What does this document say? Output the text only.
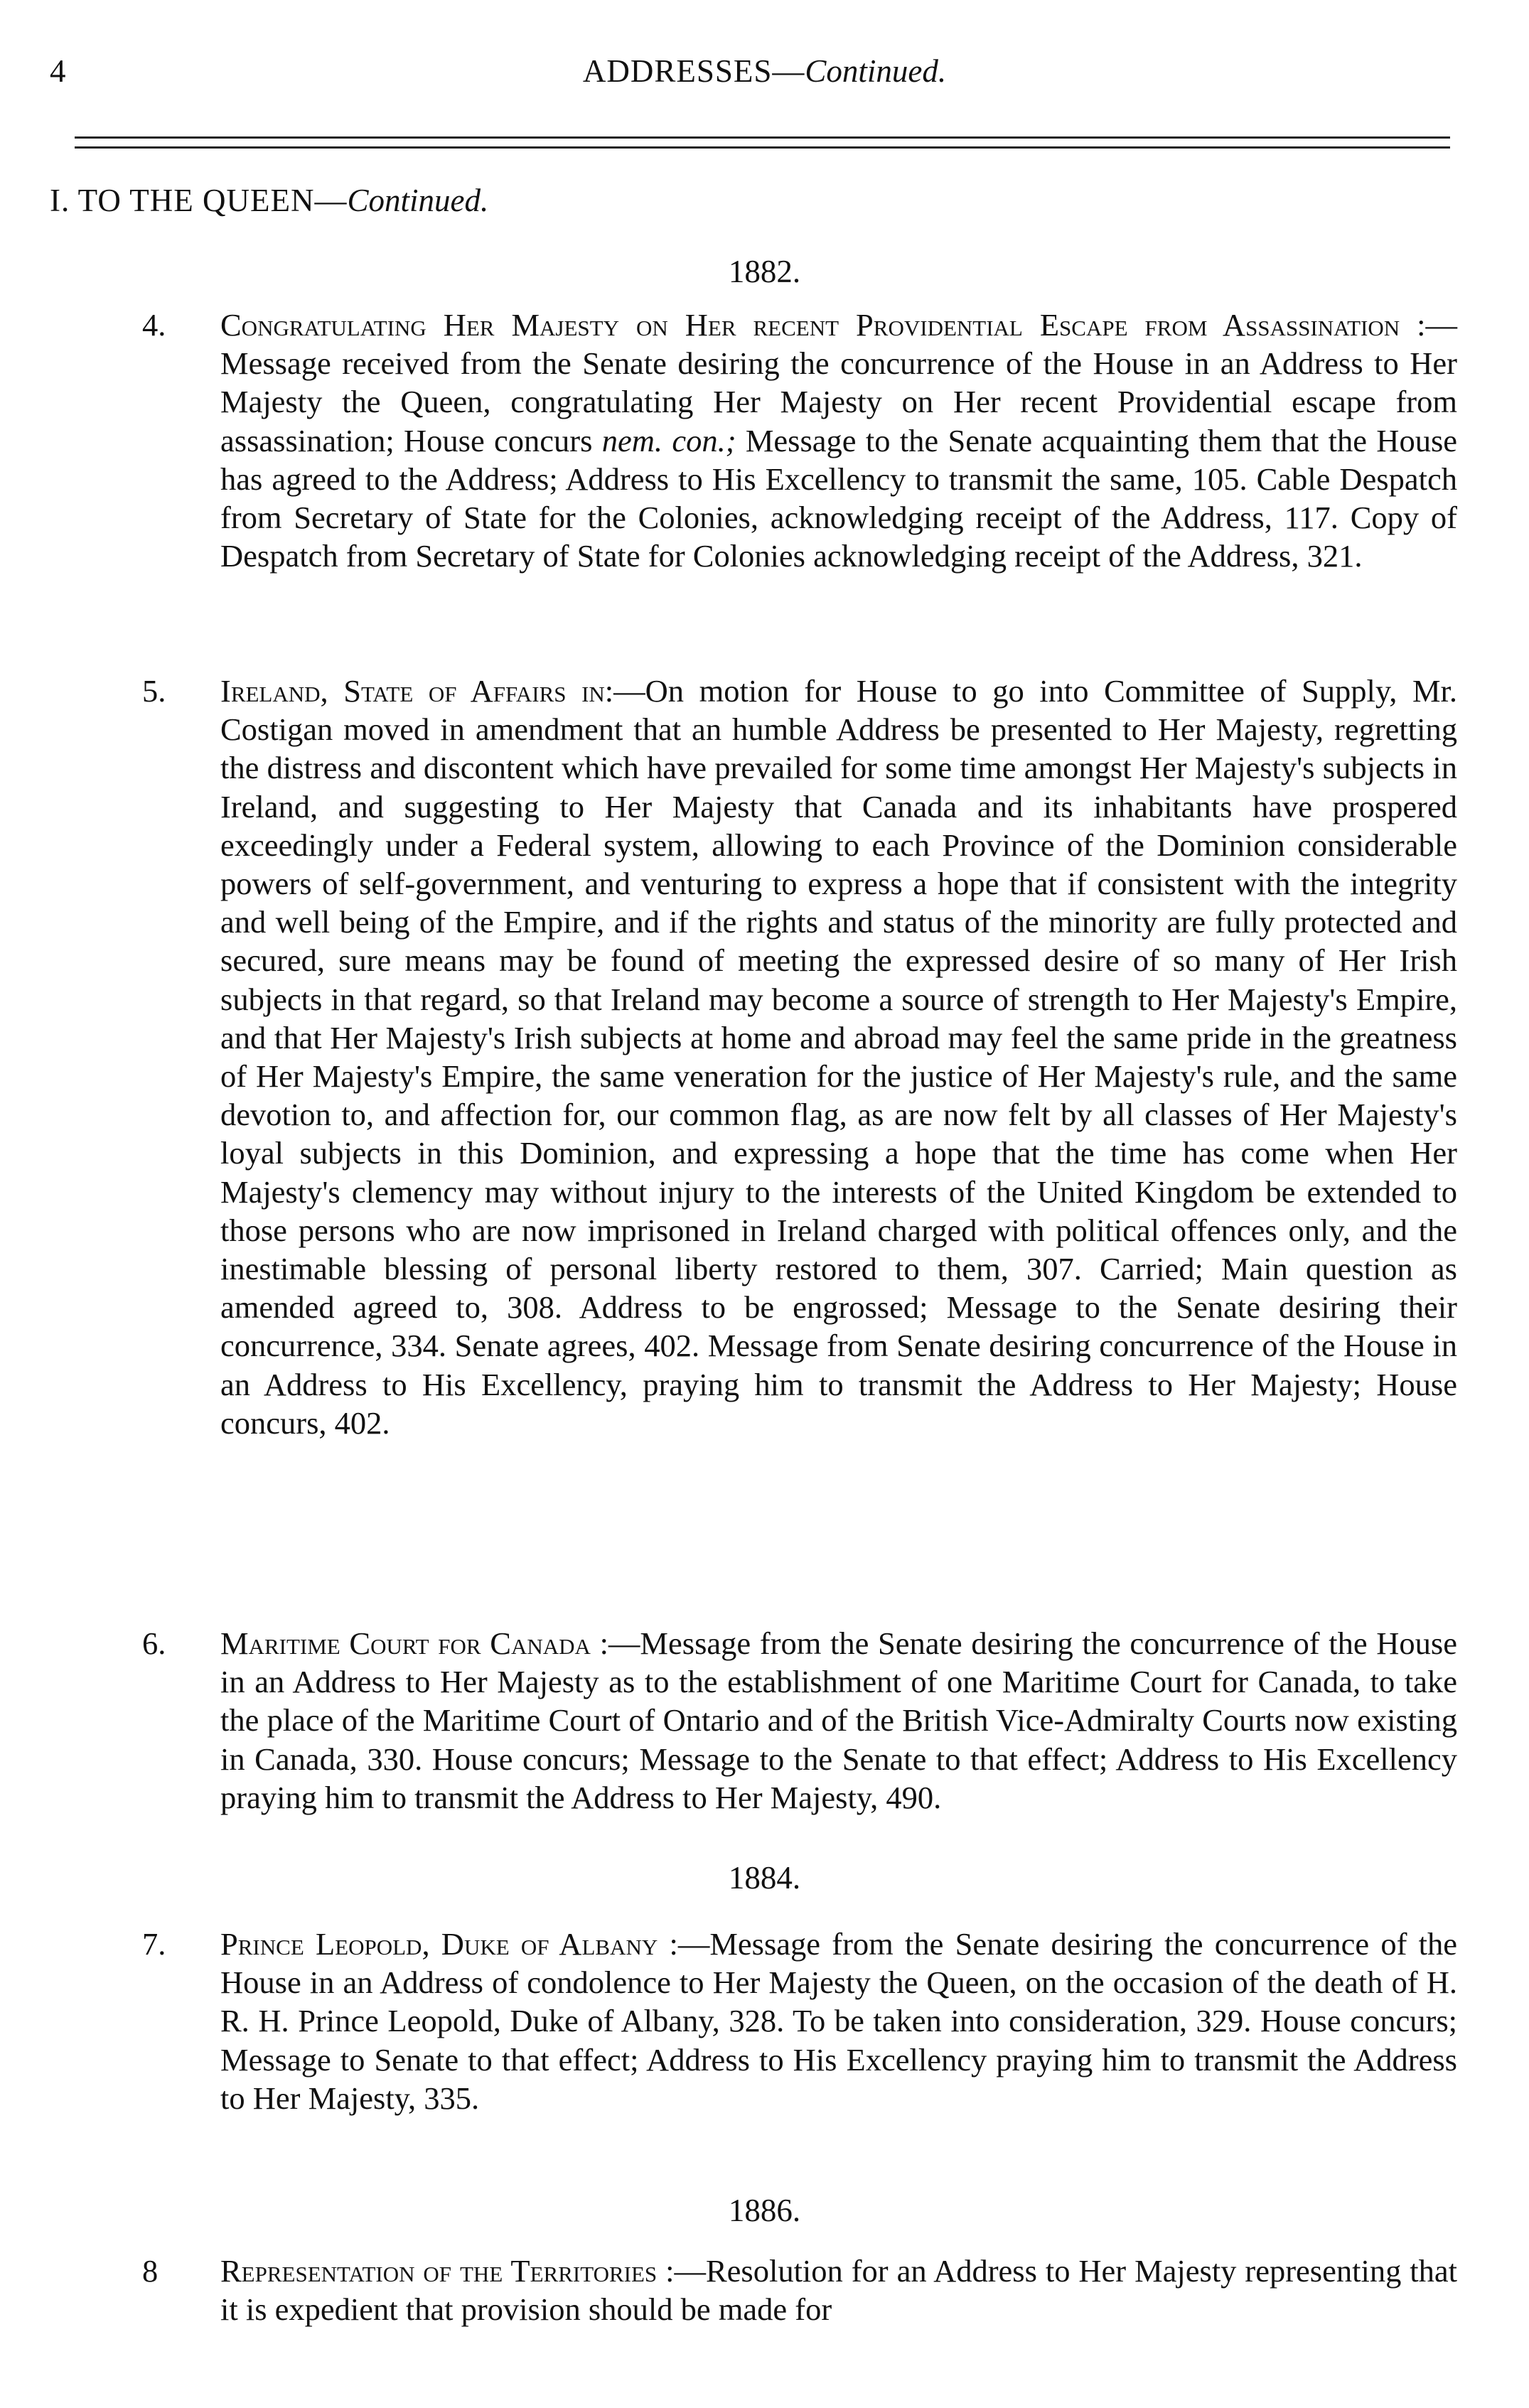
4	ADDRESSES—Continued.
I. TO THE QUEEN—Continued.
1882.
4. Congratulating Her Majesty on Her recent Providential Escape from Assassination :—Message received from the Senate desiring the concurrence of the House in an Address to Her Majesty the Queen, congratulating Her Majesty on Her recent Providential escape from assassination; House concurs nem. con.; Message to the Senate acquainting them that the House has agreed to the Address; Address to His Excellency to transmit the same, 105. Cable Despatch from Secretary of State for the Colonies, acknowledging receipt of the Address, 117. Copy of Despatch from Secretary of State for Colonies acknowledging receipt of the Address, 321.

5. Ireland, State of Affairs in:—On motion for House to go into Committee of Supply, Mr. Costigan moved in amendment that an humble Address be presented to Her Majesty, regretting the distress and discontent which have prevailed for some time amongst Her Majesty's subjects in Ireland, and suggesting to Her Majesty that Canada and its inhabitants have prospered exceedingly under a Federal system, allowing to each Province of the Dominion considerable powers of self-government, and venturing to express a hope that if consistent with the integrity and well being of the Empire, and if the rights and status of the minority are fully protected and secured, sure means may be found of meeting the expressed desire of so many of Her Irish subjects in that regard, so that Ireland may become a source of strength to Her Majesty's Empire, and that Her Majesty's Irish subjects at home and abroad may feel the same pride in the greatness of Her Majesty's Empire, the same veneration for the justice of Her Majesty's rule, and the same devotion to, and affection for, our common flag, as are now felt by all classes of Her Majesty's loyal subjects in this Dominion, and expressing a hope that the time has come when Her Majesty's clemency may without injury to the interests of the United Kingdom be extended to those persons who are now imprisoned in Ireland charged with political offences only, and the inestimable blessing of personal liberty restored to them, 307. Carried; Main question as amended agreed to, 308. Address to be engrossed; Message to the Senate desiring their concurrence, 334. Senate agrees, 402. Message from Senate desiring concurrence of the House in an Address to His Excellency, praying him to transmit the Address to Her Majesty; House concurs, 402.

6. Maritime Court for Canada :—Message from the Senate desiring the concurrence of the House in an Address to Her Majesty as to the establishment of one Maritime Court for Canada, to take the place of the Maritime Court of Ontario and of the British Vice-Admiralty Courts now existing in Canada, 330. House concurs; Message to the Senate to that effect; Address to His Excellency praying him to transmit the Address to Her Majesty, 490.

1884.
7. Prince Leopold, Duke of Albany :—Message from the Senate desiring the concurrence of the House in an Address of condolence to Her Majesty the Queen, on the occasion of the death of H. R. H. Prince Leopold, Duke of Albany, 328. To be taken into consideration, 329. House concurs; Message to Senate to that effect; Address to His Excellency praying him to transmit the Address to Her Majesty, 335.

1886.
8 Representation of the Territories :—Resolution for an Address to Her Majesty representing that it is expedient that provision should be made for
